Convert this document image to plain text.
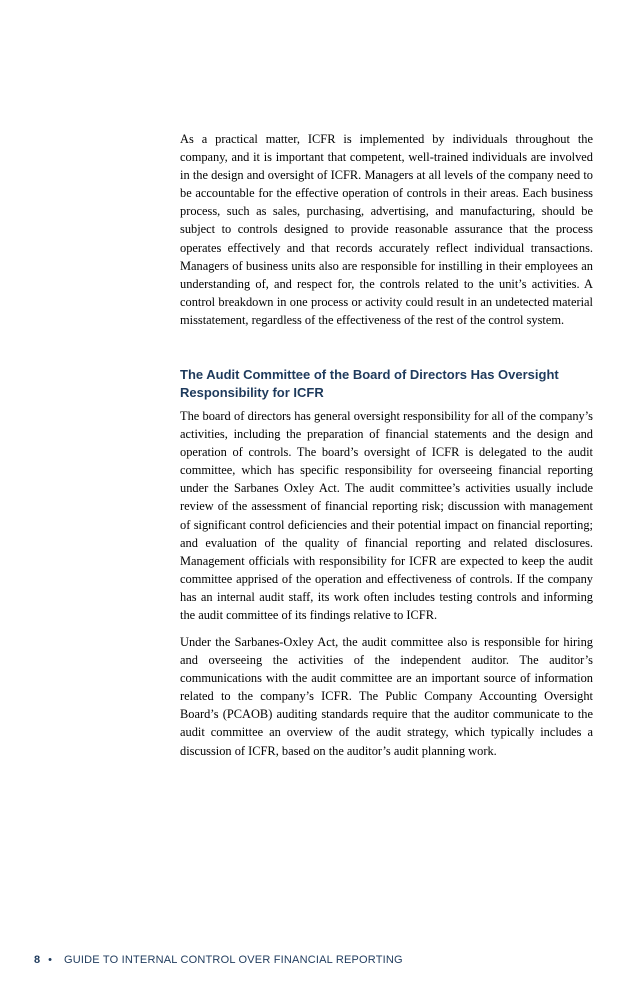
As a practical matter, ICFR is implemented by individuals throughout the company, and it is important that competent, well-trained individuals are involved in the design and oversight of ICFR. Managers at all levels of the company need to be accountable for the effective operation of controls in their areas. Each business process, such as sales, purchasing, advertising, and manufacturing, should be subject to controls designed to provide reasonable assurance that the process operates effectively and that records accurately reflect individual transactions. Managers of business units also are responsible for instilling in their employees an understanding of, and respect for, the controls related to the unit’s activities. A control breakdown in one process or activity could result in an undetected material misstatement, regardless of the effectiveness of the rest of the control system.

The Audit Committee of the Board of Directors Has Oversight Responsibility for ICFR

The board of directors has general oversight responsibility for all of the company’s activities, including the preparation of financial statements and the design and operation of controls. The board’s oversight of ICFR is delegated to the audit committee, which has specific responsibility for overseeing financial reporting under the Sarbanes Oxley Act. The audit committee’s activities usually include review of the assessment of financial reporting risk; discussion with management of significant control deficiencies and their potential impact on financial reporting; and evaluation of the quality of financial reporting and related disclosures. Management officials with responsibility for ICFR are expected to keep the audit committee apprised of the operation and effectiveness of controls. If the company has an internal audit staff, its work often includes testing controls and informing the audit committee of its findings relative to ICFR.

Under the Sarbanes-Oxley Act, the audit committee also is responsible for hiring and overseeing the activities of the independent auditor. The auditor’s communications with the audit committee are an important source of information related to the company’s ICFR. The Public Company Accounting Oversight Board’s (PCAOB) auditing standards require that the auditor communicate to the audit committee an overview of the audit strategy, which typically includes a discussion of ICFR, based on the auditor’s audit planning work.

8 • GUIDE TO INTERNAL CONTROL OVER FINANCIAL REPORTING
